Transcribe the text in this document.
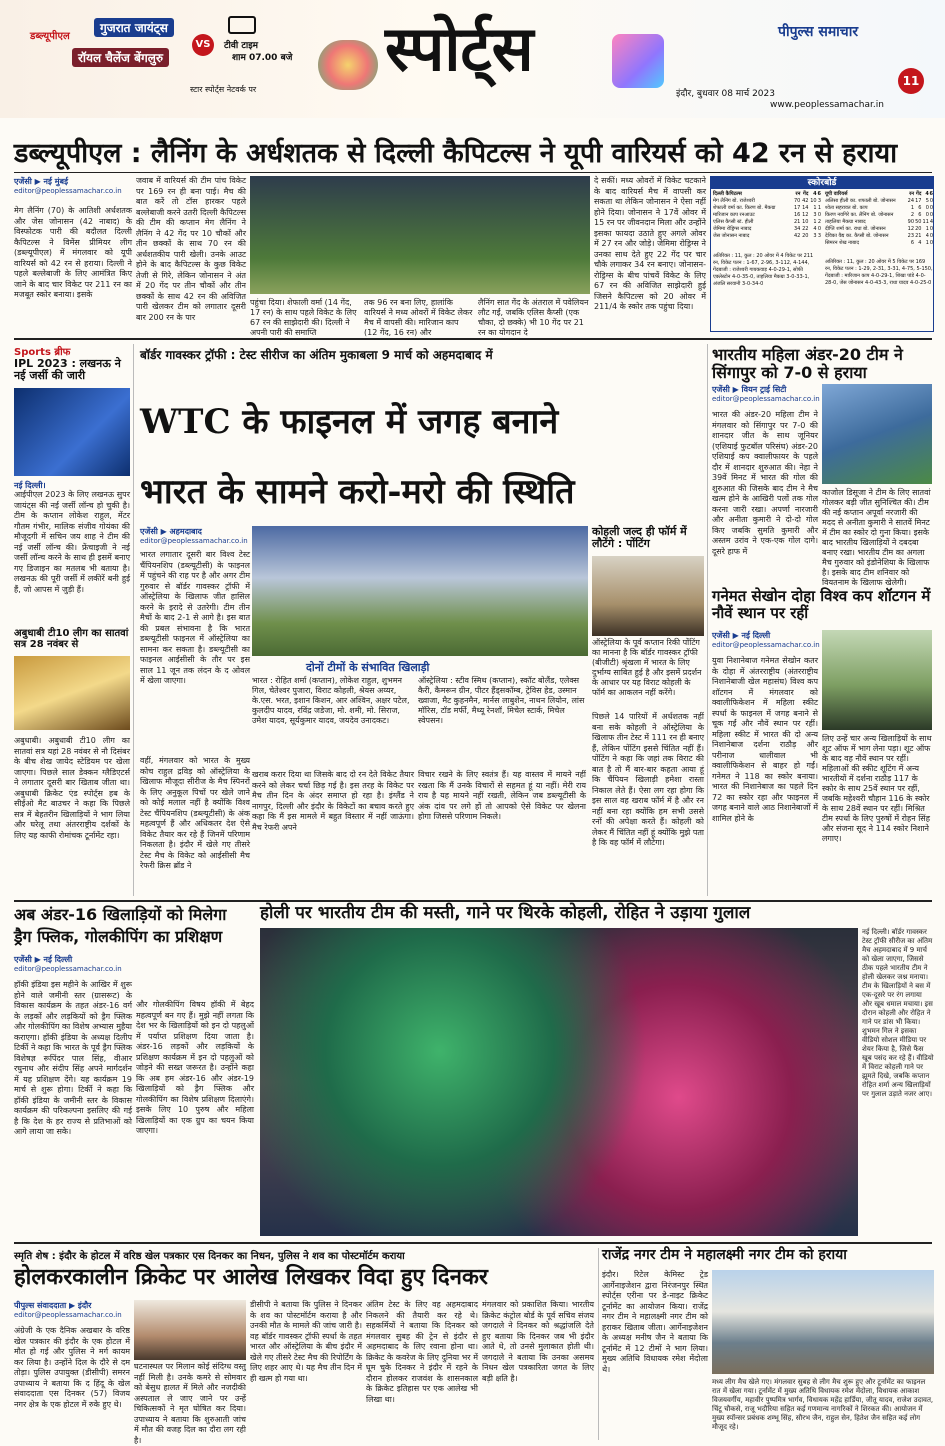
डब्ल्यूपीएल
गुजरात जायंट्स
VS
रॉयल चैलेंज बेंगलुरु
टीवी टाइम
शाम 07.00 बजे
स्टार स्पोर्ट्स नेटवर्क पर
स्पोर्ट्स	पीपुल्स समाचार
11
इंदौर, बुधवार 08 मार्च 2023
www.peoplessamachar.in
डब्ल्यूपीएल : लैनिंग के अर्धशतक से दिल्ली कैपिटल्स ने यूपी वारियर्स को 42 रन से हराया
एजेंसी ▶ नई मुंबई
editor@peoplessamachar.co.in
मेग लैनिंग (70) के आतिशी अर्धशतक और जेस जोनासन (42 नाबाद) के विस्फोटक पारी की बदौलत दिल्ली कैपिटल्स ने विमेंस प्रीमियर लीग (डब्ल्यूपीएल) में मंगलवार को यूपी वारियर्स को 42 रन से हराया। दिल्ली ने पहले बल्लेबाजी के लिए आमंत्रित किए जाने के बाद चार विकेट पर 211 रन का मजबूत स्कोर बनाया। इसके
जवाब में वारियर्स की टीम पांच विकेट पर 169 रन ही बना पाई। मैच की बात करें तो टॉस हारकर पहले बल्लेबाजी करने उतरी दिल्ली कैपिटल्स की टीम की कप्तान मेग लैनिंग ने लैनिंग ने 42 गेंद पर 10 चौकों और तीन छक्कों के साथ 70 रन की अर्धशतकीय पारी खेली। उनके आउट होने के बाद कैपिटल्स के कुछ विकेट तेजी से गिरे, लेकिन जोनासन ने अंत में 20 गेंद पर तीन चौकों और तीन छक्कों के साथ 42 रन की अविजित पारी खेलकर टीम को लगातार दूसरी बार 200 रन के पार
पहुंचा दिया। शेफाली वर्मा (14 गेंद, 17 रन) के साथ पहले विकेट के लिए 67 रन की साझेदारी की। दिल्ली ने अपनी पारी की समाप्ति
तक 96 रन बना लिए, हालांकि वारियर्स ने मध्य ओवरों में विकेट लेकर मैच में वापसी की। मारिजान काप (12 गेंद, 16 रन) और
लैनिंग सात गेंद के अंतराल में पवेलियन लौट गईं, जबकि एलिस कैप्सी (एक चौका, दो छक्के) भी 10 गेंद पर 21 रन का योगदान दे
दे सकीं। मध्य ओवरों में विकेट चटकाने के बाद वारियर्स मैच में वापसी कर सकता था लेकिन जोनासन ने ऐसा नहीं होने दिया। जोनासन ने 17वें ओवर में 15 रन पर जीवनदान मिला और उन्होंने इसका फायदा उठाते हुए अगले ओवर में 27 रन और जोड़े। जेमिमा रोड्रिग्स ने उनका साथ देते हुए 22 गेंद पर चार चौके लगाकर 34 रन बनाए। जोनासन-रोड्रिग्स के बीच पांचवें विकेट के लिए 67 रन की अविजित साझेदारी हुई जिसने कैपिटल्स को 20 ओवर में 211/4 के स्कोर तक पहुंचा दिया।
स्कोरबोर्ड
दिल्ली कैपिटल्स	रन	गेंद	4	6
मेग लैनिंग बो. राजेश्वरी	70	42	10	3
शेफाली वर्मा का. किरण बो. मैकग्रा	17	14	1	1
मारिजान काप रनआउट	16	12	3	0
एलिस कैप्सी स्टं. हीली	21	10	1	2
जेमिमा रोड्रिग्स नाबाद	34	22	4	0
जेस जोनासन नाबाद	42	20	3	3
यूपी वारियर्स	रन	गेंद	4	6
अलिसा हीली का. शफाली बो. जोनासन	24	17	5	0
श्वेता सहरावत बो. काप	1	6	0	0
किरण नवगिरे का. लैनिंग बो. जोनासन	2	6	0	0
ताहलिया मैकग्रा नाबाद	90	50	11	4
दीप्ति शर्मा का. राधा बो. जोनासन	12	20	1	0
देविका वैद्य का. कैप्सी बो. जोनासन	23	21	4	0
सिमरन शेख नाबाद	6	4	1	0
अतिरिक्त : 11, कुल : 20 ओवर में 4 विकेट पर 211 रन, विकेट पतन : 1-67, 2-96, 3-112, 4-144, गेंदबाजी : राजेश्वरी गायकवाड़ 4-0-29-1, सोफी एक्लेस्टोन 4-0-35-0, ताहलिया मैकग्रा 3-0-33-1, अंजलि सरवानी 3-0-34-0
अतिरिक्त : 11, कुल : 20 ओवर में 5 विकेट पर 169 रन, विकेट पतन : 1-29, 2-31, 3-31, 4-75, 5-150, गेंदबाजी : मारिजान काप 4-0-29-1, शिखा पांडे 4-0-28-0, जेस जोनासन 4-0-43-3, राधा यादव 4-0-25-0
Sports ब्रीफ
IPL 2023 : लखनऊ ने नई जर्सी की जारी
नई दिल्ली।
आईपीएल 2023 के लिए लखनऊ सुपर जायंट्स की नई जर्सी लॉन्च हो चुकी है। टीम के कप्तान लोकेश राहुल, मेंटर गौतम गंभीर, मालिक संजीव गोयंका की मौजूदगी में सचिन जय शाह ने टीम की नई जर्सी लॉन्च की। फ्रेंचाइजी ने नई जर्सी लॉन्च करने के साथ ही इसमें बनाए गए डिजाइन का मतलब भी बताया है। लखनऊ की पूरी जर्सी में लकीरें बनी हुई हैं, जो आपस में जुड़ी हैं।
अबुधाबी टी10 लीग का सातवां सत्र 28 नवंबर से
अबुधाबी। अबुधाबी टी10 लीग का सातवां सत्र यहां 28 नवंबर से नौ दिसंबर के बीच शेख जायेद स्टेडियम पर खेला जाएगा। पिछले साल डेक्कन ग्लैडिएटर्स ने लगातार दूसरी बार खिताब जीता था। अबुधाबी क्रिकेट एंड स्पोर्ट्स हब के सीईओ मैट बाउचर ने कहा कि पिछले सत्र में बेहतरीन खिलाड़ियों ने भाग लिया और घरेलू तथा अंतरराष्ट्रीय दर्शकों के लिए यह काफी रोमांचक टूर्नामेंट रहा।
बॉर्डर गावस्कर ट्रॉफी : टेस्ट सीरीज का अंतिम मुकाबला 9 मार्च को अहमदाबाद में
WTC के फाइनल में जगह बनाने
भारत के सामने करो-मरो की स्थिति
एजेंसी ▶ अहमदाबाद
editor@peoplessamachar.co.in
भारत लगातार दूसरी बार विश्व टेस्ट चैंपियनशिप (डब्ल्यूटीसी) के फाइनल में पहुंचने की राह पर है और अगर टीम गुरुवार से बॉर्डर गावस्कर ट्रॉफी में ऑस्ट्रेलिया के खिलाफ जीत हासिल करने के इरादे से उतरेगी। टीम तीन मैचों के बाद 2-1 से आगे है। इस बात की प्रबल संभावना है कि भारत डब्ल्यूटीसी फाइनल में ऑस्ट्रेलिया का सामना कर सकता है। डब्ल्यूटीसी का फाइनल आईसीसी के तौर पर इस साल 11 जून तक लंदन के द ओवल में खेला जाएगा।
वहीं, मंगलवार को भारत के मुख्य कोच राहुल द्रविड़ को ऑस्ट्रेलिया के खिलाफ मौजूदा सीरीज के मैच स्पिनरों के लिए अनुकूल पिचों पर खेले जाने को कोई मलाल नहीं है क्योंकि विश्व टेस्ट चैंपियनशिप (डब्ल्यूटीसी) के अंक महत्वपूर्ण हैं और अधिकतर देश ऐसे विकेट तैयार कर रहे हैं जिनमें परिणाम निकलता है। इंदौर में खेले गए तीसरे टेस्ट मैच के विकेट को आईसीसी मैच रेफरी क्रिस ब्रॉड ने
दोनों टीमों के संभावित खिलाड़ी
भारत : रोहित शर्मा (कप्तान), लोकेश राहुल, शुभमन गिल, चेतेश्वर पुजारा, विराट कोहली, श्रेयस अय्यर, के.एस. भरत, इशान किशन, आर अश्विन, अक्षर पटेल, कुलदीप यादव, रविंद्र जडेजा, मो. शमी, मो. सिराज, उमेश यादव, सूर्यकुमार यादव, जयदेव उनादकट।
ऑस्ट्रेलिया : स्टीव स्मिथ (कप्तान), स्कॉट बोलैंड, एलेक्स कैरी, कैमरून ग्रीन, पीटर हैंड्सकॉम्ब, ट्रेविस हेड, उस्मान ख्वाजा, मैट कुहनमैन, मार्नस लाबुशेन, नाथन लियोन, लांस मॉरिस, टॉड मर्फी, मैथ्यू रेनशॉ, मिचेल स्टार्क, मिचेल स्वेपसन।
खराब करार दिया था जिसके बाद दो रन देते विकेट तैयार करने को लेकर चर्चा छिड़ गई है। इस तरह के विकेट पर मैच तीन दिन के अंदर समाप्त हो रहा है। इंग्लैंड ने नागपुर, दिल्ली और इंदौर के विकेटों का बचाव करते हुए कहा कि मैं इस मामले में बहुत विस्तार में नहीं जाऊंगा। मैच रेफरी अपने
विचार रखने के लिए स्वतंत्र हैं। यह वास्तव में मायने नहीं रखता कि मैं उनके विचारों से सहमत हूं या नहीं। मेरी राय राय है यह मायने नहीं रखती, लेकिन जब डब्ल्यूटीसी के अंक दांव पर लगे हों तो आपको ऐसे विकेट पर खेलना होगा जिससे परिणाम निकले।
कोहली जल्द ही फॉर्म में लौटेंगे : पोंटिंग
ऑस्ट्रेलिया के पूर्व कप्तान रिकी पोंटिंग का मानना है कि बॉर्डर गावस्कर ट्रॉफी (बीजीटी) श्रृंखला में भारत के लिए दुर्भाग्य साबित हुई है और इसमें प्रदर्शन के आधार पर यह विराट कोहली के फॉर्म का आकलन नहीं करेंगे।
पिछले 14 पारियों में अर्धशतक नहीं बना सके कोहली ने ऑस्ट्रेलिया के खिलाफ तीन टेस्ट में 111 रन ही बनाए हैं, लेकिन पोंटिंग इससे चिंतित नहीं हैं। पोंटिंग ने कहा कि जहां तक विराट की बात है तो मैं बार-बार कहता आया हूं कि चैंपियन खिलाड़ी हमेशा रास्ता निकाल लेते हैं। ऐसा लग रहा होगा कि इस साल वह खराब फॉर्म में है और रन नहीं बना रहा क्योंकि हम सभी उससे रनों की अपेक्षा करते हैं। कोहली को लेकर मैं चिंतित नहीं हूं क्योंकि मुझे पता है कि वह फॉर्म में लौटेगा।
भारतीय महिला अंडर-20 टीम ने सिंगापुर को 7-0 से हराया
एजेंसी ▶ वियन ट्राई सिटी
editor@peoplessamachar.co.in
भारत की अंडर-20 महिला टीम ने मंगलवार को सिंगापुर पर 7-0 की शानदार जीत के साथ जूनियर (एशियाई फुटबॉल परिसंघ) अंडर-20 एशियाई कप क्वालीफायर के पहले दौर में शानदार शुरुआत की। नेहा ने 39वें मिनट में भारत की गोल की शुरुआत की जिसके बाद टीम ने मैच खत्म होने के आखिरी पलों तक गोल करना जारी रखा। अपर्णा नारजारी और अनीता कुमारी ने दो-दो गोल किए जबकि सुमति कुमारी और अस्तम उरांव ने एक-एक गोल दागे। दूसरे हाफ में
काजोल डिसूजा ने टीम के लिए सातवां गोलकर बड़ी जीत सुनिश्चित की। टीम की नई कप्तान अपूर्वा नरजारी की मदद से अनीता कुमारी ने सातवें मिनट में टीम का स्कोर दो गुना किया। इसके बाद भारतीय खिलाड़ियों ने दबदबा बनाए रखा। भारतीय टीम का अगला मैच गुरुवार को इंडोनेशिया के खिलाफ है। इसके बाद टीम शनिवार को वियतनाम के खिलाफ खेलेगी।
गनेमत सेखोन दोहा विश्व कप शॉटगन में नौवें स्थान पर रहीं
एजेंसी ▶ नई दिल्ली
editor@peoplessamachar.co.in
युवा निशानेबाज गनेमत सेखोन कतर के दोहा में अंतरराष्ट्रीय (अंतरराष्ट्रीय निशानेबाजी खेल महासंघ) विश्व कप शॉटगन में मंगलवार को क्वालीफिकेशन में महिला स्कीट स्पर्धा के फाइनल में जगह बनाने से चूक गईं और नौवें स्थान पर रहीं। महिला स्कीट में भारत की दो अन्य निशानेबाज दर्शना राठौड़ और परीनाज धालीवाल भी क्वालीफिकेशन से बाहर हो गईं। गनेमत ने 118 का स्कोर बनाया। भारत की निशानेबाज का पहले दिन 72 का स्कोर रहा और फाइनल में जगह बनाने वाले आठ निशानेबाजों में शामिल होने के
लिए उन्हें चार अन्य खिलाड़ियों के साथ शूट ऑफ में भाग लेना पड़ा। शूट ऑफ के बाद वह नौवें स्थान पर रहीं। महिलाओं की स्कीट शूटिंग में अन्य भारतीयों में दर्शना राठौड़ 117 के स्कोर के साथ 25वें स्थान पर रहीं, जबकि महेश्वरी चौहान 116 के स्कोर के साथ 28वें स्थान पर रहीं। मिश्रित टीम स्पर्धा के लिए पुरुषों में रोहन सिंह और संजना सूद ने 114 स्कोर निशाने लगाए।
अब अंडर-16 खिलाड़ियों को मिलेगा
ड्रैग फ्लिक, गोलकीपिंग का प्रशिक्षण
एजेंसी ▶ नई दिल्ली
editor@peoplessamachar.co.in
हॉकी इंडिया इस महीने के आखिर में शुरू होने वाले जमीनी स्तर (ग्रासरूट) के विकास कार्यक्रम के तहत अंडर-16 वर्ग के लड़कों और लड़कियों को ड्रैग फ्लिक और गोलकीपिंग का विशेष अभ्यास मुहैया कराएगा। हॉकी इंडिया के अध्यक्ष दिलीप टिर्की ने कहा कि भारत के पूर्व ड्रैग फ्लिक विशेषज्ञ रूपिंदर पाल सिंह, वीआर रघुनाथ और संदीप सिंह अपने मार्गदर्शन में यह प्रशिक्षण देंगे। यह कार्यक्रम 19 मार्च से शुरू होगा। टिर्की ने कहा कि हॉकी इंडिया के जमीनी स्तर के विकास कार्यक्रम की परिकल्पना इसलिए की गई है कि देश के हर राज्य से प्रतिभाओं को आगे लाया जा सके।
और गोलकीपिंग विषय हॉकी में बेहद महत्वपूर्ण बन गए हैं। मुझे नहीं लगता कि देश भर के खिलाड़ियों को इन दो पहलुओं में पर्याप्त प्रशिक्षण दिया जाता है। अंडर-16 लड़कों और लड़कियों के प्रशिक्षण कार्यक्रम में इन दो पहलुओं को जोड़ने की सख्त जरूरत है। उन्होंने कहा कि अब हम अंडर-16 और अंडर-19 खिलाड़ियों को ड्रैग फ्लिक और गोलकीपिंग का विशेष प्रशिक्षण दिलाएंगे। इसके लिए 10 पुरुष और महिला खिलाड़ियों का एक ग्रुप का चयन किया जाएगा।
होली पर भारतीय टीम की मस्ती, गाने पर थिरके कोहली, रोहित ने उड़ाया गुलाल
नई दिल्ली। बॉर्डर गावस्कर टेस्ट ट्रॉफी सीरीज का अंतिम मैच अहमदाबाद में 9 मार्च को खेला जाएगा, जिससे ठीक पहले भारतीय टीम ने होली खेलकर जश्न मनाया। टीम के खिलाड़ियों ने बस में एक-दूसरे पर रंग लगाया और खूब धमाल मचाया। इस दौरान कोहली और रोहित ने गाने पर डांस भी किया। शुभमन गिल ने इसका वीडियो सोशल मीडिया पर शेयर किया है, जिसे फैंस खूब पसंद कर रहे हैं। वीडियो में विराट कोहली गाने पर झूमते दिखे, जबकि कप्तान रोहित शर्मा अन्य खिलाड़ियों पर गुलाल उड़ाते नजर आए।
स्मृति शेष : इंदौर के होटल में वरिष्ठ खेल पत्रकार एस दिनकर का निधन, पुलिस ने शव का पोस्टमॉर्टम कराया
होलकरकालीन क्रिकेट पर आलेख लिखकर विदा हुए दिनकर
पीपुल्स संवाददाता ▶ इंदौर
editor@peoplessamachar.co.in
अंग्रेजी के एक दैनिक अखबार के वरिष्ठ खेल पत्रकार की इंदौर के एक होटल में मौत हो गई और पुलिस ने मर्ग कायम कर लिया है। उन्होंने दिल के दौरे से दम तोड़ा। पुलिस उपायुक्त (डीसीपी) समरन उपाध्याय ने बताया कि द हिंदू के खेल संवाददाता एस दिनकर (57) विजय नगर क्षेत्र के एक होटल में रुके हुए थे।
घटनास्थल पर मिलान कोई संदिग्ध वस्तु नहीं मिली है। उनके कमरे से सोमवार को बेसुध हालत में मिले और नजदीकी अस्पताल ले जाए जाने पर उन्हें चिकित्सकों ने मृत घोषित कर दिया। उपाध्याय ने बताया कि शुरुआती जांच में मौत की वजह दिल का दौरा लग रही है।
डीसीपी ने बताया कि पुलिस ने दिनकर के शव का पोस्टमॉर्टम कराया है और उनकी मौत के मामले की जांच जारी है। वह बॉर्डर गावस्कर ट्रॉफी स्पर्धा के तहत भारत और ऑस्ट्रेलिया के बीच इंदौर में खेले गए तीसरे टेस्ट मैच की रिपोर्टिंग के लिए शहर आए थे। यह मैच तीन दिन में ही खत्म हो गया था।
अंतिम टेस्ट के लिए वह अहमदाबाद निकलने की तैयारी कर रहे थे। सहकर्मियों ने बताया कि दिनकर को मंगलवार सुबह की ट्रेन से इंदौर से अहमदाबाद के लिए रवाना होना था। क्रिकेट के कवरेज के लिए दुनिया भर में घूम चुके दिनकर ने इंदौर में रहने के दौरान होलकर राजवंश के शासनकाल के क्रिकेट इतिहास पर एक आलेख भी लिखा था।
मंगलवार को प्रकाशित किया। भारतीय क्रिकेट कंट्रोल बोर्ड के पूर्व सचिव संजय जगदाले ने दिनकर को श्रद्धांजलि देते हुए बताया कि दिनकर जब भी इंदौर आते थे, तो उनसे मुलाकात होती थी। जगदाले ने बताया कि उनका असमय निधन खेल पत्रकारिता जगत के लिए बड़ी क्षति है।
राजेंद्र नगर टीम ने महालक्ष्मी नगर टीम को हराया
इंदौर। रिटेल केमिस्ट ट्रेड आर्गेनाइजेशन द्वारा निरंजनपुर स्थित स्पोर्ट्स एरीना पर डे-नाइट क्रिकेट टूर्नामेंट का आयोजन किया। राजेंद्र नगर टीम ने महालक्ष्मी नगर टीम को हराकर खिताब जीता। आर्गेनाइजेशन के अध्यक्ष मनीष जैन ने बताया कि टूर्नामेंट में 12 टीमों ने भाग लिया। मुख्य अतिथि विधायक रमेश मेंदोला थे।
मध्य लीग मैच खेले गए। मंगलवार सुबह से लीग मैच शुरू हुए और टूर्नामेंट का फाइनल रात में खेला गया। टूर्नामेंट में मुख्य अतिथि विधायक रमेश मेंदोला, विधायक आकाश विजयवर्गीय, महावीर पुष्पमित्र भार्गव, विधायक महेंद्र हार्डिया, जीतू यादव, राजेश उदावत, चिंटू चौकसे, राजू भदौरिया सहित कई गणमान्य नागरिकों ने शिरकत की। आयोजन में मुख्य स्पॉन्सर प्रबंधक शम्भू सिंह, सौरभ जैन, राहुल सेन, हितेश जैन सहित कई लोग मौजूद रहे।
